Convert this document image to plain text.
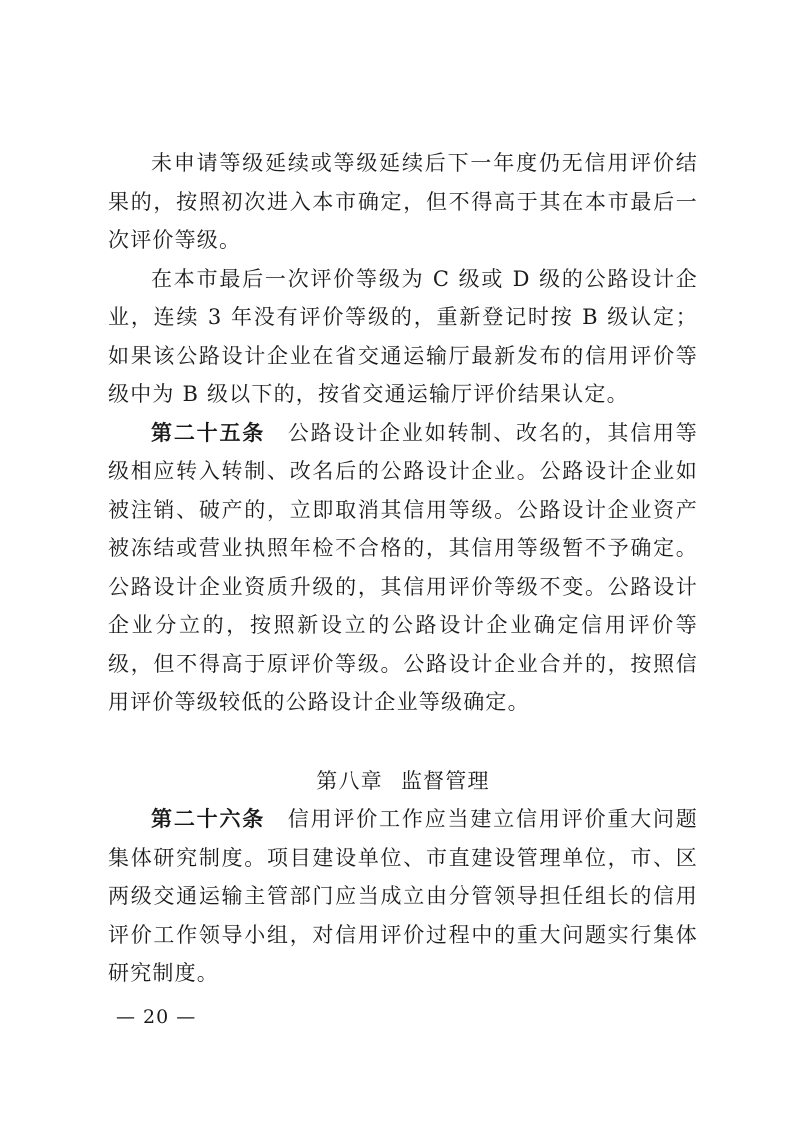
未申请等级延续或等级延续后下一年度仍无信用评价结果的，按照初次进入本市确定，但不得高于其在本市最后一次评价等级。

在本市最后一次评价等级为 C 级或 D 级的公路设计企业，连续 3 年没有评价等级的，重新登记时按 B 级认定；如果该公路设计企业在省交通运输厅最新发布的信用评价等级中为 B 级以下的，按省交通运输厅评价结果认定。

第二十五条 公路设计企业如转制、改名的，其信用等级相应转入转制、改名后的公路设计企业。公路设计企业如被注销、破产的，立即取消其信用等级。公路设计企业资产被冻结或营业执照年检不合格的，其信用等级暂不予确定。公路设计企业资质升级的，其信用评价等级不变。公路设计企业分立的，按照新设立的公路设计企业确定信用评价等级，但不得高于原评价等级。公路设计企业合并的，按照信用评价等级较低的公路设计企业等级确定。

第八章 监督管理

第二十六条 信用评价工作应当建立信用评价重大问题集体研究制度。项目建设单位、市直建设管理单位，市、区两级交通运输主管部门应当成立由分管领导担任组长的信用评价工作领导小组，对信用评价过程中的重大问题实行集体研究制度。

— 20 —
